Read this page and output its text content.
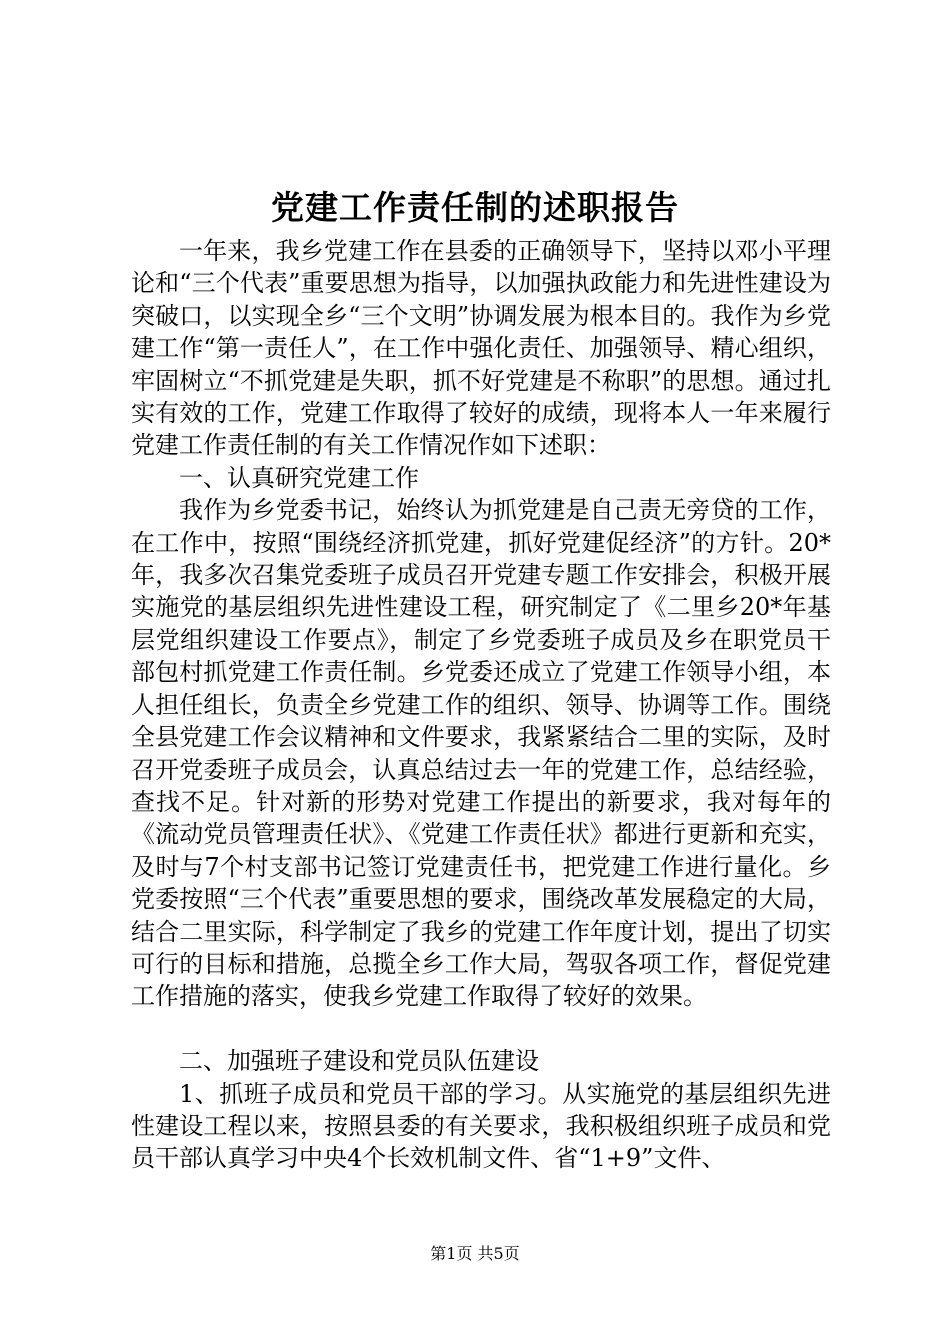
党建工作责任制的述职报告

一年来，我乡党建工作在县委的正确领导下，坚持以邓小平理论和“三个代表”重要思想为指导，以加强执政能力和先进性建设为突破口，以实现全乡“三个文明”协调发展为根本目的。我作为乡党建工作“第一责任人”，在工作中强化责任、加强领导、精心组织，牢固树立“不抓党建是失职，抓不好党建是不称职”的思想。通过扎实有效的工作，党建工作取得了较好的成绩，现将本人一年来履行党建工作责任制的有关工作情况作如下述职：

一、认真研究党建工作

我作为乡党委书记，始终认为抓党建是自己责无旁贷的工作，在工作中，按照“围绕经济抓党建，抓好党建促经济”的方针。20*年，我多次召集党委班子成员召开党建专题工作安排会，积极开展实施党的基层组织先进性建设工程，研究制定了《二里乡20*年基层党组织建设工作要点》，制定了乡党委班子成员及乡在职党员干部包村抓党建工作责任制。乡党委还成立了党建工作领导小组，本人担任组长，负责全乡党建工作的组织、领导、协调等工作。围绕全县党建工作会议精神和文件要求，我紧紧结合二里的实际，及时召开党委班子成员会，认真总结过去一年的党建工作，总结经验，查找不足。针对新的形势对党建工作提出的新要求，我对每年的《流动党员管理责任状》、《党建工作责任状》都进行更新和充实，及时与7个村支部书记签订党建责任书，把党建工作进行量化。乡党委按照“三个代表”重要思想的要求，围绕改革发展稳定的大局，结合二里实际，科学制定了我乡的党建工作年度计划，提出了切实可行的目标和措施，总揽全乡工作大局，驾驭各项工作，督促党建工作措施的落实，使我乡党建工作取得了较好的效果。

二、加强班子建设和党员队伍建设

1、抓班子成员和党员干部的学习。从实施党的基层组织先进性建设工程以来，按照县委的有关要求，我积极组织班子成员和党员干部认真学习中央4个长效机制文件、省“1+9”文件、

第1页 共5页
